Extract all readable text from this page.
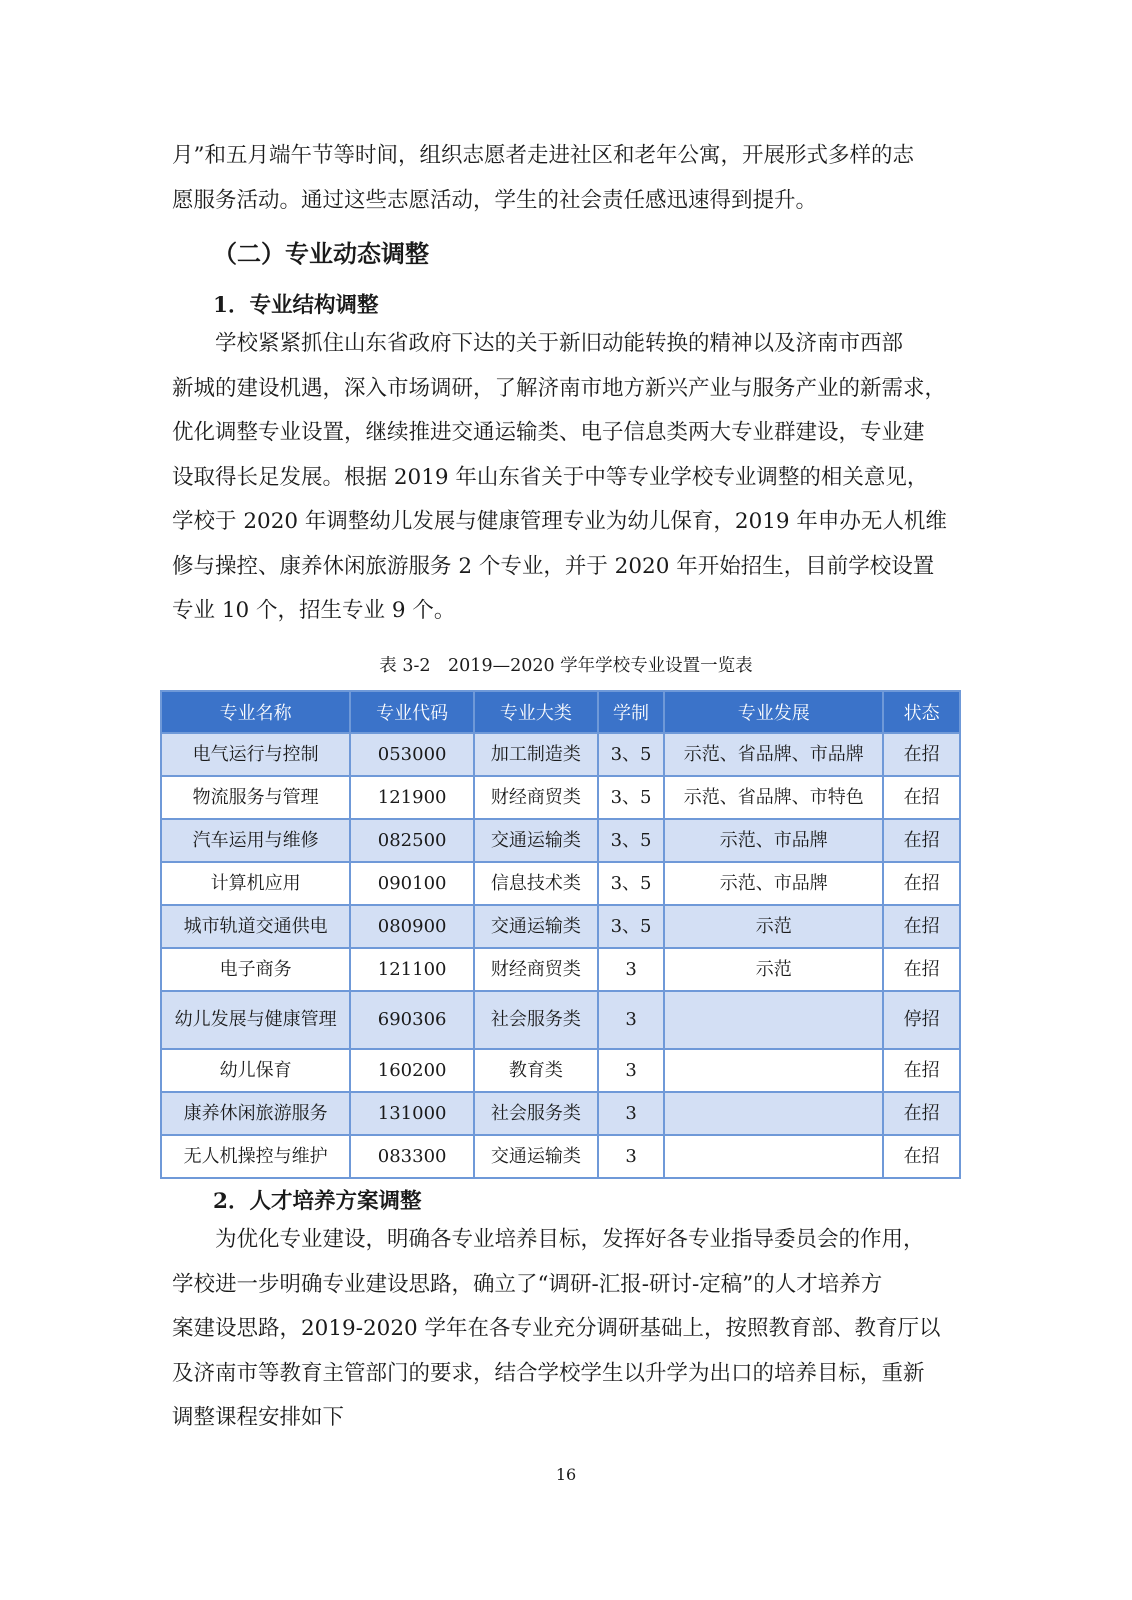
月”和五月端午节等时间，组织志愿者走进社区和老年公寓，开展形式多样的志
愿服务活动。通过这些志愿活动，学生的社会责任感迅速得到提升。
（二）专业动态调整
1．专业结构调整
学校紧紧抓住山东省政府下达的关于新旧动能转换的精神以及济南市西部
新城的建设机遇，深入市场调研，了解济南市地方新兴产业与服务产业的新需求，
优化调整专业设置，继续推进交通运输类、电子信息类两大专业群建设，专业建
设取得长足发展。根据 2019 年山东省关于中等专业学校专业调整的相关意见，
学校于 2020 年调整幼儿发展与健康管理专业为幼儿保育，2019 年申办无人机维
修与操控、康养休闲旅游服务 2 个专业，并于 2020 年开始招生，目前学校设置
专业 10 个，招生专业 9 个。

表 3-2　2019—2020 学年学校专业设置一览表

专业名称	专业代码	专业大类	学制	专业发展	状态
电气运行与控制	053000	加工制造类	3、5	示范、省品牌、市品牌	在招
物流服务与管理	121900	财经商贸类	3、5	示范、省品牌、市特色	在招
汽车运用与维修	082500	交通运输类	3、5	示范、市品牌	在招
计算机应用	090100	信息技术类	3、5	示范、市品牌	在招
城市轨道交通供电	080900	交通运输类	3、5	示范	在招
电子商务	121100	财经商贸类	3	示范	在招
幼儿发展与健康管理	690306	社会服务类	3		停招
幼儿保育	160200	教育类	3		在招
康养休闲旅游服务	131000	社会服务类	3		在招
无人机操控与维护	083300	交通运输类	3		在招
2．人才培养方案调整
为优化专业建设，明确各专业培养目标，发挥好各专业指导委员会的作用，
学校进一步明确专业建设思路，确立了“调研-汇报-研讨-定稿”的人才培养方
案建设思路，2019-2020 学年在各专业充分调研基础上，按照教育部、教育厅以
及济南市等教育主管部门的要求，结合学校学生以升学为出口的培养目标，重新
调整课程安排如下

16
